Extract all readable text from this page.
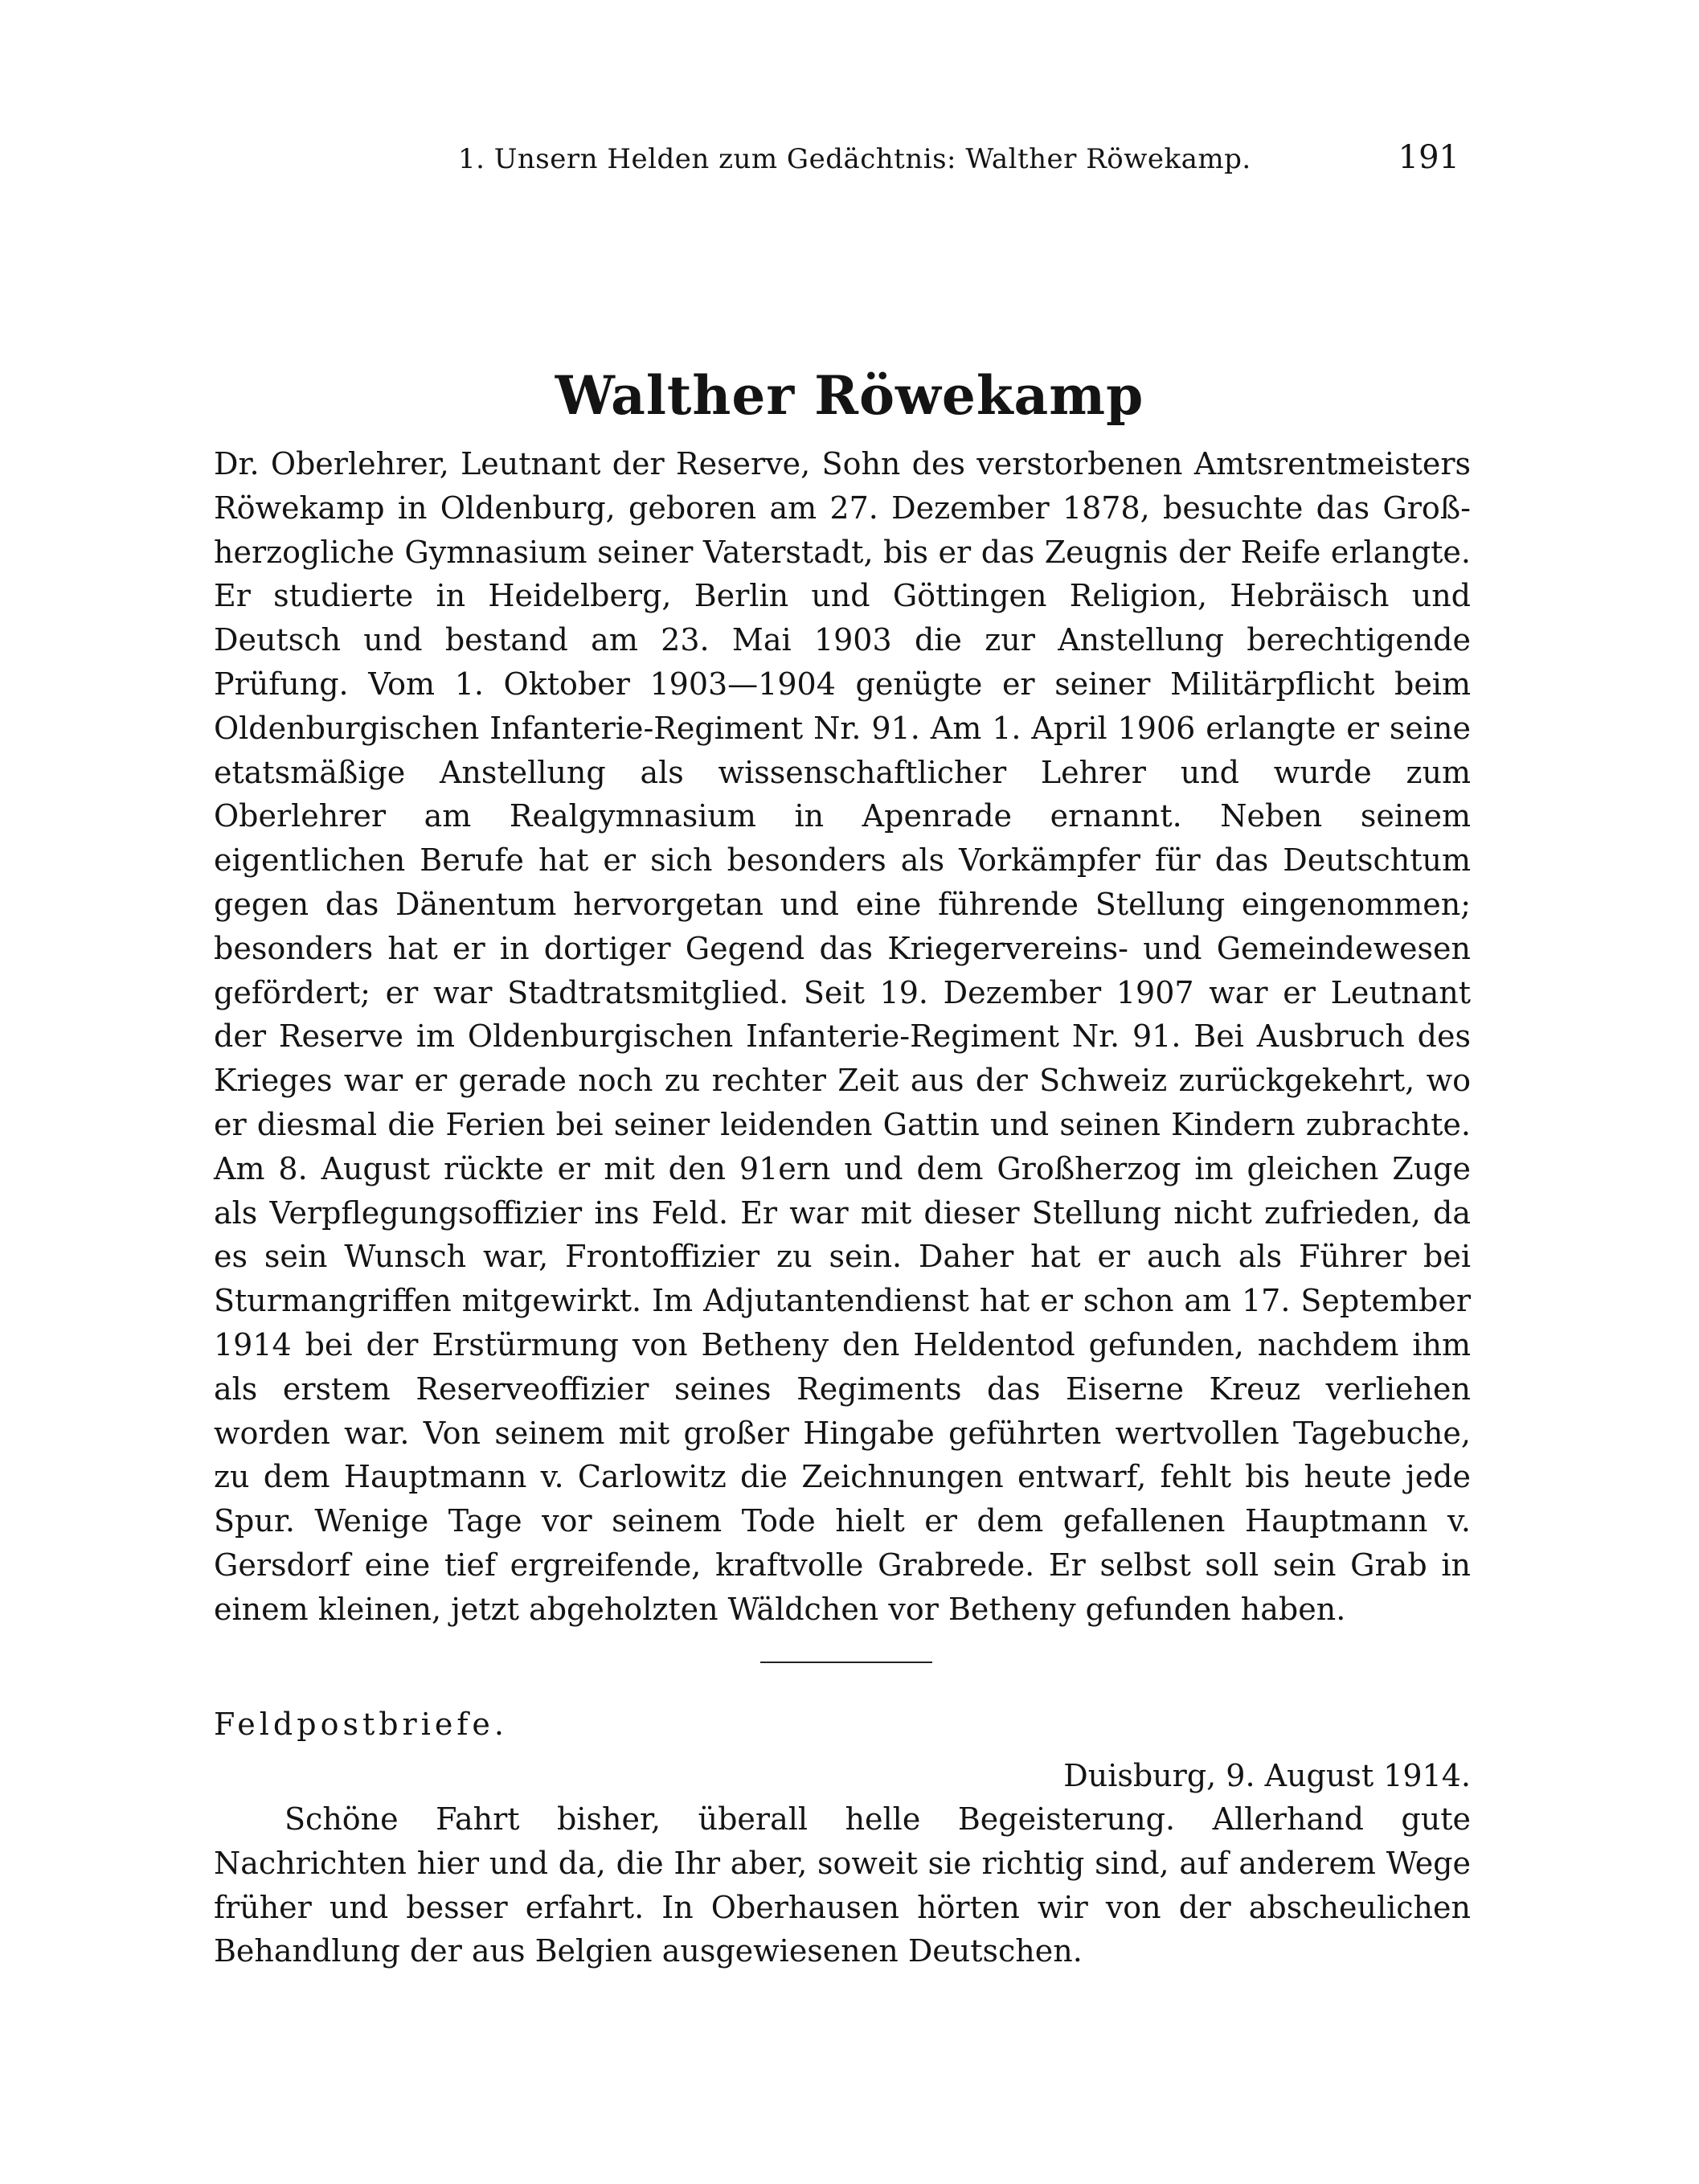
1. Unsern Helden zum Gedächtnis: Walther Röwekamp.	191
Walther Röwekamp

Dr. Oberlehrer, Leutnant der Reserve, Sohn des verstorbenen Amtsrentmeisters Röwekamp in Oldenburg, geboren am 27. Dezember 1878, besuchte das Großherzogliche Gymnasium seiner Vaterstadt, bis er das Zeugnis der Reife erlangte. Er studierte in Heidelberg, Berlin und Göttingen Religion, Hebräisch und Deutsch und bestand am 23. Mai 1903 die zur Anstellung berechtigende Prüfung. Vom 1. Oktober 1903—1904 genügte er seiner Militärpflicht beim Oldenburgischen Infanterie-Regiment Nr. 91. Am 1. April 1906 erlangte er seine etatsmäßige Anstellung als wissenschaftlicher Lehrer und wurde zum Oberlehrer am Realgymnasium in Apenrade ernannt. Neben seinem eigentlichen Berufe hat er sich besonders als Vorkämpfer für das Deutschtum gegen das Dänentum hervorgetan und eine führende Stellung eingenommen; besonders hat er in dortiger Gegend das Kriegervereins- und Gemeindewesen gefördert; er war Stadtratsmitglied. Seit 19. Dezember 1907 war er Leutnant der Reserve im Oldenburgischen Infanterie-Regiment Nr. 91. Bei Ausbruch des Krieges war er gerade noch zu rechter Zeit aus der Schweiz zurückgekehrt, wo er diesmal die Ferien bei seiner leidenden Gattin und seinen Kindern zubrachte. Am 8. August rückte er mit den 91ern und dem Großherzog im gleichen Zuge als Verpflegungsoffizier ins Feld. Er war mit dieser Stellung nicht zufrieden, da es sein Wunsch war, Frontoffizier zu sein. Daher hat er auch als Führer bei Sturmangriffen mitgewirkt. Im Adjutantendienst hat er schon am 17. September 1914 bei der Erstürmung von Betheny den Heldentod gefunden, nachdem ihm als erstem Reserveoffizier seines Regiments das Eiserne Kreuz verliehen worden war. Von seinem mit großer Hingabe geführten wertvollen Tagebuche, zu dem Hauptmann v. Carlowitz die Zeichnungen entwarf, fehlt bis heute jede Spur. Wenige Tage vor seinem Tode hielt er dem gefallenen Hauptmann v. Gersdorf eine tief ergreifende, kraftvolle Grabrede. Er selbst soll sein Grab in einem kleinen, jetzt abgeholzten Wäldchen vor Betheny gefunden haben.

Feldpostbriefe.
Duisburg, 9. August 1914.

Schöne Fahrt bisher, überall helle Begeisterung. Allerhand gute Nachrichten hier und da, die Ihr aber, soweit sie richtig sind, auf anderem Wege früher und besser erfahrt. In Oberhausen hörten wir von der abscheulichen Behandlung der aus Belgien ausgewiesenen Deutschen.
